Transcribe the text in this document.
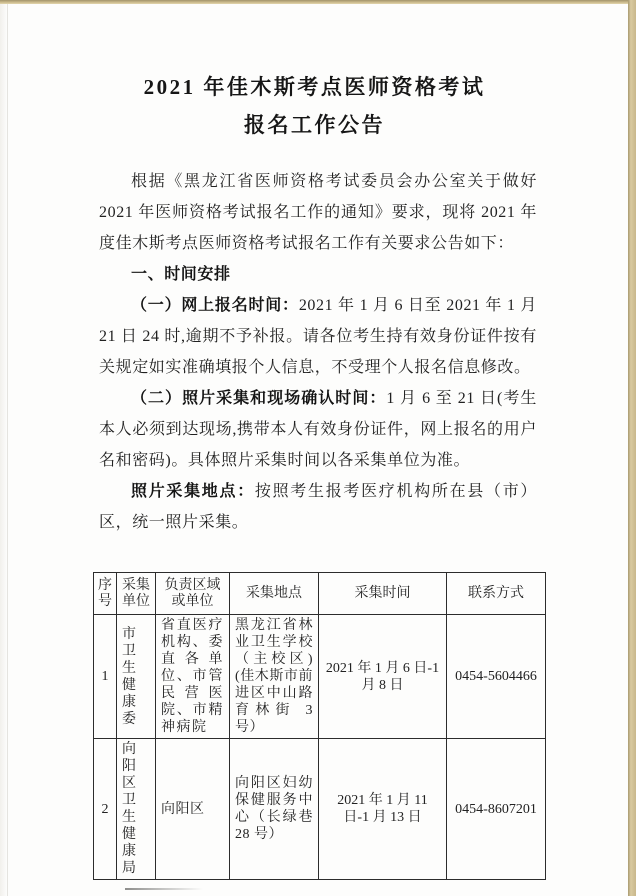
2021 年佳木斯考点医师资格考试
报名工作公告

根据《黑龙江省医师资格考试委员会办公室关于做好 2021 年医师资格考试报名工作的通知》要求，现将 2021 年度佳木斯考点医师资格考试报名工作有关要求公告如下：

一、时间安排

（一）网上报名时间：2021 年 1 月 6 日至 2021 年 1 月 21 日 24 时,逾期不予补报。请各位考生持有效身份证件按有关规定如实准确填报个人信息，不受理个人报名信息修改。

（二）照片采集和现场确认时间：1 月 6 至 21 日(考生本人必须到达现场,携带本人有效身份证件，网上报名的用户名和密码)。具体照片采集时间以各采集单位为准。

照片采集地点：按照考生报考医疗机构所在县（市）区，统一照片采集。

序号	采集单位	负责区域或单位	采集地点	采集时间	联系方式
1	市卫生健康委	省直医疗机构、委直各单位、市管民营医院、市精神病院	黑龙江省林业卫生学校（主校区)(佳木斯市前进区中山路育林街 3 号）	2021 年 1 月 6 日-1 月 8 日	0454-5604466
2	向阳区卫生健康局	向阳区	向阳区妇幼保健服务中心（长绿巷 28 号）	2021 年 1 月 11 日-1 月 13 日	0454-8607201
